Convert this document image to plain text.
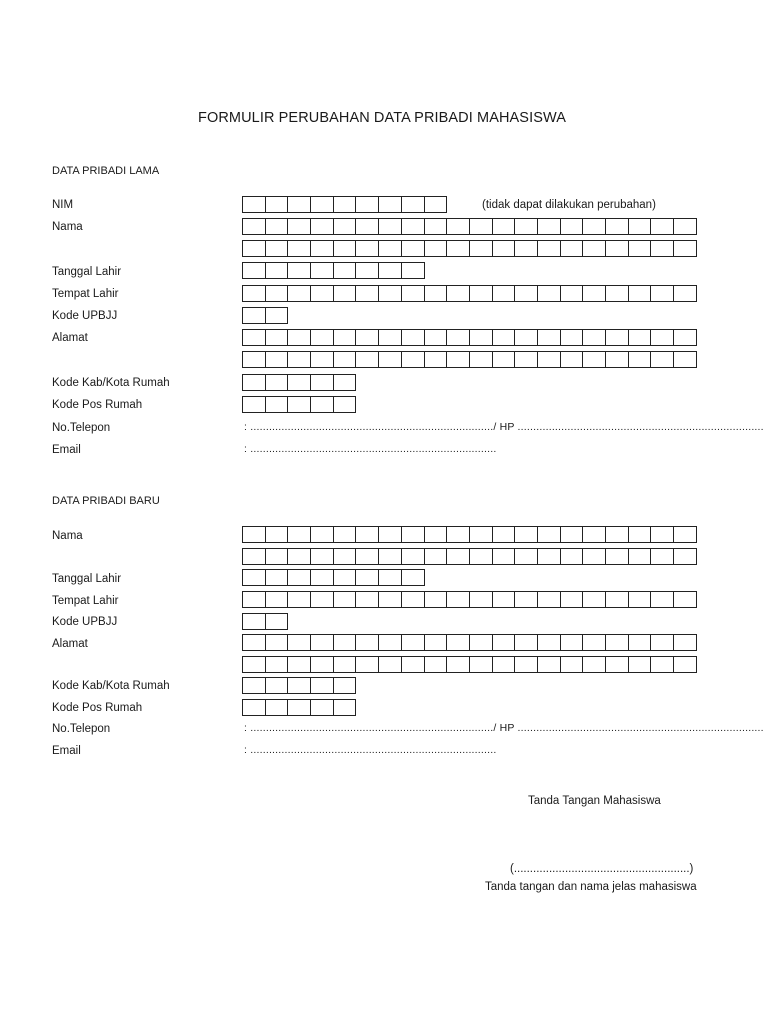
FORMULIR PERUBAHAN DATA PRIBADI MAHASISWA
DATA PRIBADI LAMA
NIM	(tidak dapat dilakukan perubahan)
Nama
Tanggal Lahir
Tempat Lahir
Kode UPBJJ
Alamat
Kode Kab/Kota Rumah
Kode Pos Rumah
No.Telepon	: ............................................................................../ HP ...............................................................................
Email	: ...............................................................................
DATA PRIBADI BARU
Nama
Tanggal Lahir
Tempat Lahir
Kode UPBJJ
Alamat
Kode Kab/Kota Rumah
Kode Pos Rumah
No.Telepon	: ............................................................................../ HP ...............................................................................
Email	: ...............................................................................
Tanda Tangan Mahasiswa
(.......................................................)
Tanda tangan dan nama jelas mahasiswa
